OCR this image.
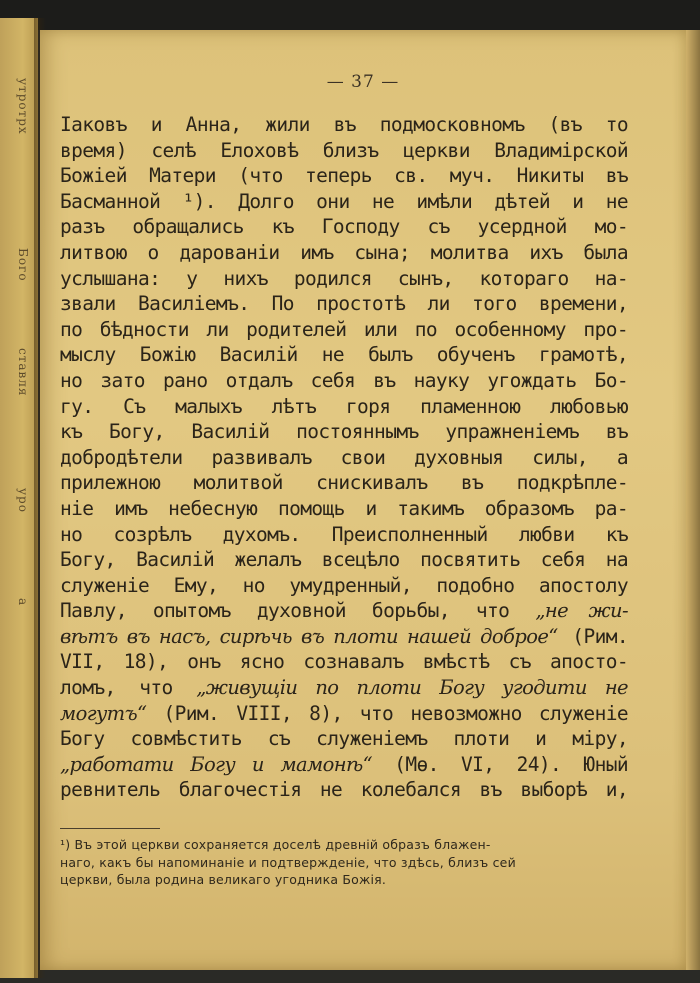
утротрх
Бого
ставля
уро
а
— 37 —
Іаковъ и Анна, жили въ подмосковномъ (въ то
время) селѣ Елоховѣ близъ церкви Владимірской
Божіей Матери (что теперь св. муч. Никиты въ
Басманной ¹). Долго они не имѣли дѣтей и не
разъ обращались къ Господу съ усердной мо-
литвою о дарованіи имъ сына; молитва ихъ была
услышана: у нихъ родился сынъ, котораго на-
звали Василіемъ. По простотѣ ли того времени,
по бѣдности ли родителей или по особенному про-
мыслу Божію Василій не былъ обученъ грамотѣ,
но зато рано отдалъ себя въ науку угождать Бо-
гу. Съ малыхъ лѣтъ горя пламенною любовью
къ Богу, Василій постояннымъ упражненіемъ въ
добродѣтели развивалъ свои духовныя силы, а
прилежною молитвой снискивалъ въ подкрѣпле-
ніе имъ небесную помощь и такимъ образомъ ра-
но созрѣлъ духомъ. Преисполненный любви къ
Богу, Василій желалъ всецѣло посвятить себя на
служеніе Ему, но умудренный, подобно апостолу
Павлу, опытомъ духовной борьбы, что „не жи-
вѣтъ въ насъ, сирѣчь въ плоти нашей доброе“ (Рим.
VII, 18), онъ ясно сознавалъ вмѣстѣ съ апосто-
ломъ, что „живущіи по плоти Богу угодити не
могутъ“ (Рим. VIII, 8), что невозможно служеніе
Богу совмѣстить съ служеніемъ плоти и міру,
„работати Богу и мамонѣ“ (Мѳ. VI, 24). Юный
ревнитель благочестія не колебался въ выборѣ и,
¹) Въ этой церкви сохраняется доселѣ древній образъ блажен-
наго, какъ бы напоминаніе и подтвержденіе, что здѣсь, близъ сей
церкви, была родина великаго угодника Божія.
